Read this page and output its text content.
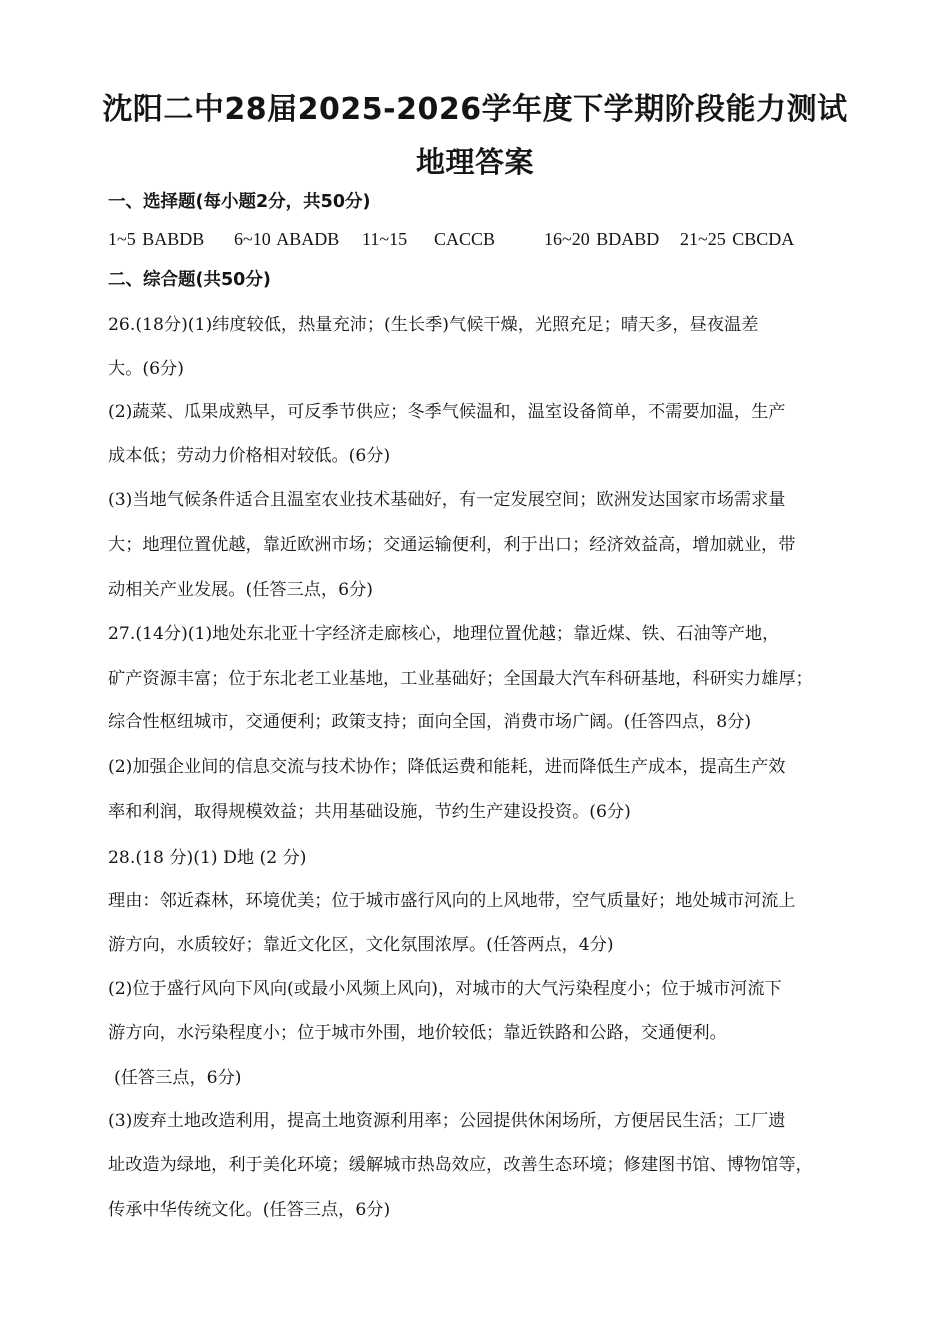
沈阳二中28届2025-2026学年度下学期阶段能力测试
地理答案
一、选择题(每小题2分，共50分)
1~5 BABDB 6~10 ABADB 11~15 CACCB	16~20 BDABD 21~25 CBCDA
二、综合题(共50分)
26.(18分)(1)纬度较低，热量充沛；(生长季)气候干燥，光照充足；晴天多，昼夜温差
大。(6分)
(2)蔬菜、瓜果成熟早，可反季节供应；冬季气候温和，温室设备简单，不需要加温，生产
成本低；劳动力价格相对较低。(6分)
(3)当地气候条件适合且温室农业技术基础好，有一定发展空间；欧洲发达国家市场需求量
大；地理位置优越，靠近欧洲市场；交通运输便利，利于出口；经济效益高，增加就业，带
动相关产业发展。(任答三点，6分)
27.(14分)(1)地处东北亚十字经济走廊核心，地理位置优越；靠近煤、铁、石油等产地，
矿产资源丰富；位于东北老工业基地，工业基础好；全国最大汽车科研基地，科研实力雄厚；
综合性枢纽城市，交通便利；政策支持；面向全国，消费市场广阔。(任答四点，8分)
(2)加强企业间的信息交流与技术协作；降低运费和能耗，进而降低生产成本，提高生产效
率和利润，取得规模效益；共用基础设施，节约生产建设投资。(6分)
28.(18 分)(1) D地 (2 分)
理由：邻近森林，环境优美；位于城市盛行风向的上风地带，空气质量好；地处城市河流上
游方向，水质较好；靠近文化区，文化氛围浓厚。(任答两点，4分)
(2)位于盛行风向下风向(或最小风频上风向)，对城市的大气污染程度小；位于城市河流下
游方向，水污染程度小；位于城市外围，地价较低；靠近铁路和公路，交通便利。
(任答三点，6分)
(3)废弃土地改造利用，提高土地资源利用率；公园提供休闲场所，方便居民生活；工厂遗
址改造为绿地，利于美化环境；缓解城市热岛效应，改善生态环境；修建图书馆、博物馆等，
传承中华传统文化。(任答三点，6分)
